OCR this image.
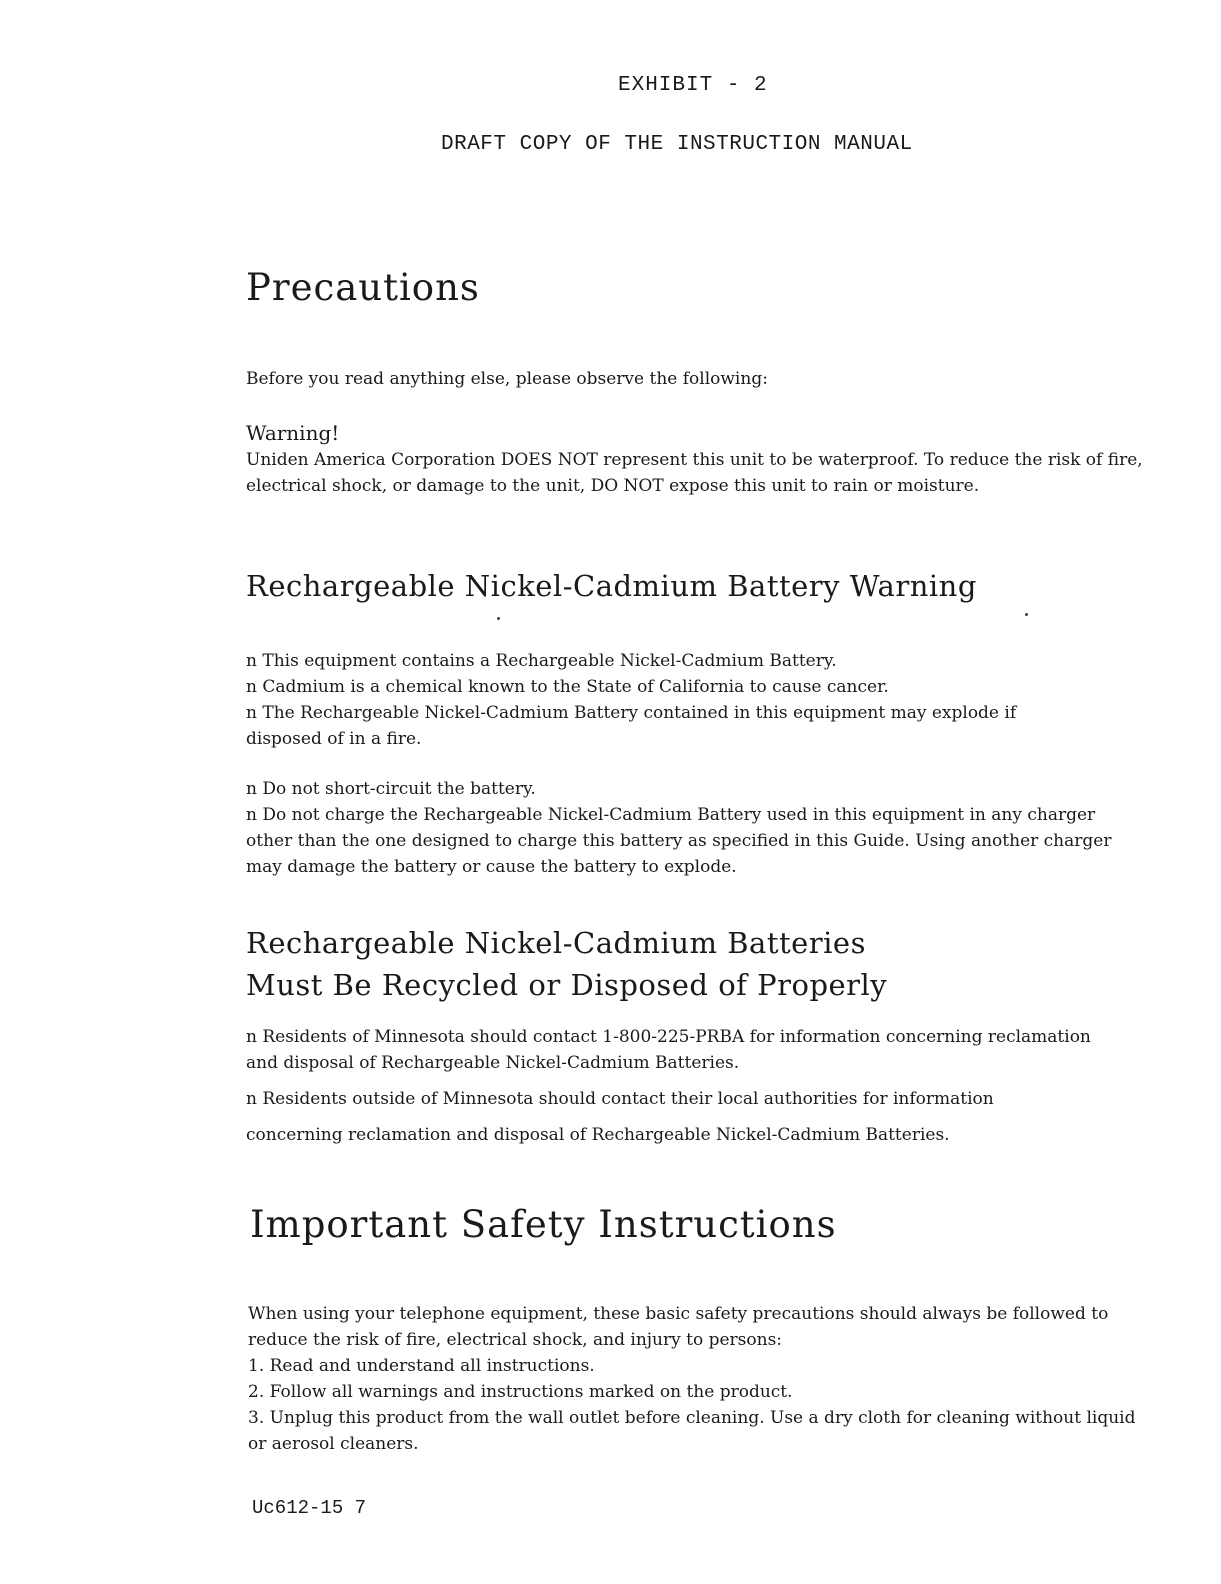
EXHIBIT - 2
DRAFT COPY OF THE INSTRUCTION MANUAL
Precautions

Before you read anything else, please observe the following:

Warning!

Uniden America Corporation DOES NOT represent this unit to be waterproof. To reduce the risk of fire, electrical shock, or damage to the unit, DO NOT expose this unit to rain or moisture.

Rechargeable Nickel-Cadmium Battery Warning

n This equipment contains a Rechargeable Nickel-Cadmium Battery.

n Cadmium is a chemical known to the State of California to cause cancer.

n The Rechargeable Nickel-Cadmium Battery contained in this equipment may explode if disposed of in a fire.

n Do not short-circuit the battery.

n Do not charge the Rechargeable Nickel-Cadmium Battery used in this equipment in any charger other than the one designed to charge this battery as specified in this Guide. Using another charger may damage the battery or cause the battery to explode.

Rechargeable Nickel-Cadmium Batteries
Must Be Recycled or Disposed of Properly

n Residents of Minnesota should contact 1-800-225-PRBA for information concerning reclamation and disposal of Rechargeable Nickel-Cadmium Batteries.

n Residents outside of Minnesota should contact their local authorities for information
concerning reclamation and disposal of Rechargeable Nickel-Cadmium Batteries.
Important Safety Instructions

When using your telephone equipment, these basic safety precautions should always be followed to reduce the risk of fire, electrical shock, and injury to persons:

1. Read and understand all instructions.

2. Follow all warnings and instructions marked on the product.

3. Unplug this product from the wall outlet before cleaning. Use a dry cloth for cleaning without liquid or aerosol cleaners.

Uc612-15 7
